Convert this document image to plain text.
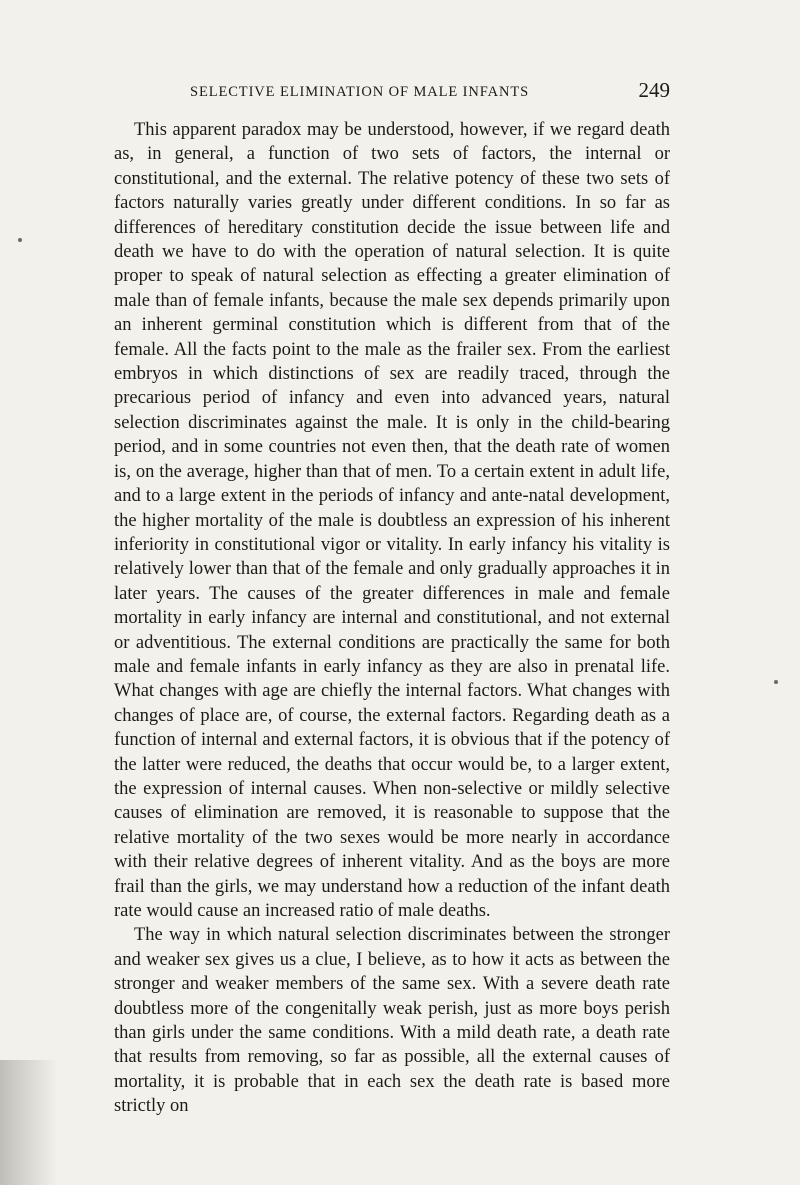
SELECTIVE ELIMINATION OF MALE INFANTS	249

This apparent paradox may be understood, however, if we regard death as, in general, a function of two sets of factors, the internal or constitutional, and the external. The relative potency of these two sets of factors naturally varies greatly under different conditions. In so far as differences of hereditary constitution decide the issue between life and death we have to do with the operation of natural selection. It is quite proper to speak of natural selection as effecting a greater elimination of male than of female infants, because the male sex depends primarily upon an inherent germinal constitution which is different from that of the female. All the facts point to the male as the frailer sex. From the earliest embryos in which distinctions of sex are readily traced, through the precarious period of infancy and even into advanced years, natural selection discriminates against the male. It is only in the child-bearing period, and in some countries not even then, that the death rate of women is, on the average, higher than that of men. To a certain extent in adult life, and to a large extent in the periods of infancy and ante-natal development, the higher mortality of the male is doubtless an expression of his inherent inferiority in constitutional vigor or vitality. In early infancy his vitality is relatively lower than that of the female and only gradually approaches it in later years. The causes of the greater differences in male and female mortality in early infancy are internal and constitutional, and not external or adventitious. The external conditions are practically the same for both male and female infants in early infancy as they are also in prenatal life. What changes with age are chiefly the internal factors. What changes with changes of place are, of course, the external factors. Regarding death as a function of internal and external factors, it is obvious that if the potency of the latter were reduced, the deaths that occur would be, to a larger extent, the expression of internal causes. When non-selective or mildly selective causes of elimination are removed, it is reasonable to suppose that the relative mortality of the two sexes would be more nearly in accordance with their relative degrees of inherent vitality. And as the boys are more frail than the girls, we may understand how a reduction of the infant death rate would cause an increased ratio of male deaths.

The way in which natural selection discriminates between the stronger and weaker sex gives us a clue, I believe, as to how it acts as between the stronger and weaker members of the same sex. With a severe death rate doubtless more of the congenitally weak perish, just as more boys perish than girls under the same conditions. With a mild death rate, a death rate that results from removing, so far as possible, all the external causes of mortality, it is probable that in each sex the death rate is based more strictly on
